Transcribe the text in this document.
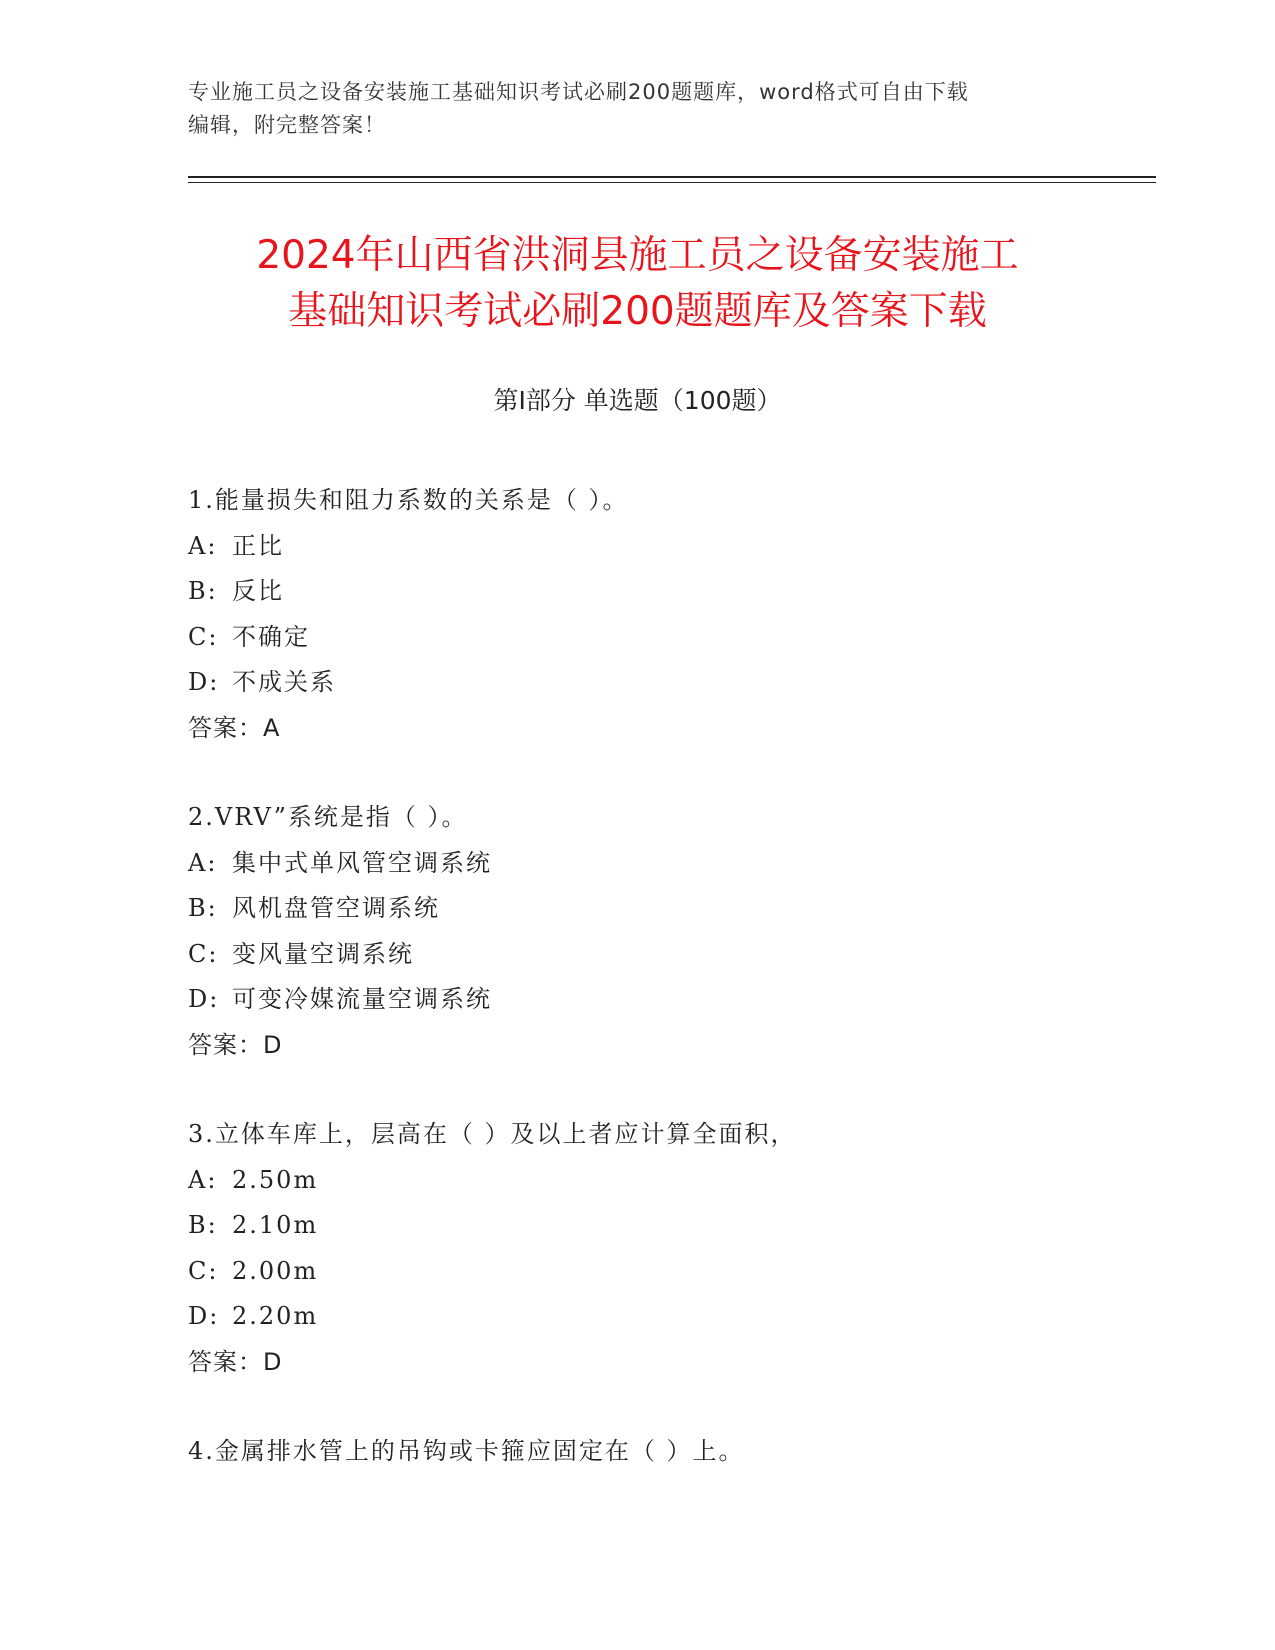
专业施工员之设备安装施工基础知识考试必刷200题题库，word格式可自由下载
编辑，附完整答案！
2024年山西省洪洞县施工员之设备安装施工
基础知识考试必刷200题题库及答案下载
第Ⅰ部分 单选题（100题）
1.能量损失和阻力系数的关系是（ ）。
A: 正比
B: 反比
C: 不确定
D: 不成关系
答案：A
2.VRV”系统是指（ ）。
A: 集中式单风管空调系统
B: 风机盘管空调系统
C: 变风量空调系统
D: 可变冷媒流量空调系统
答案：D
3.立体车库上，层高在（ ）及以上者应计算全面积，
A: 2.50m
B: 2.10m
C: 2.00m
D: 2.20m
答案：D
4.金属排水管上的吊钩或卡箍应固定在（ ）上。
